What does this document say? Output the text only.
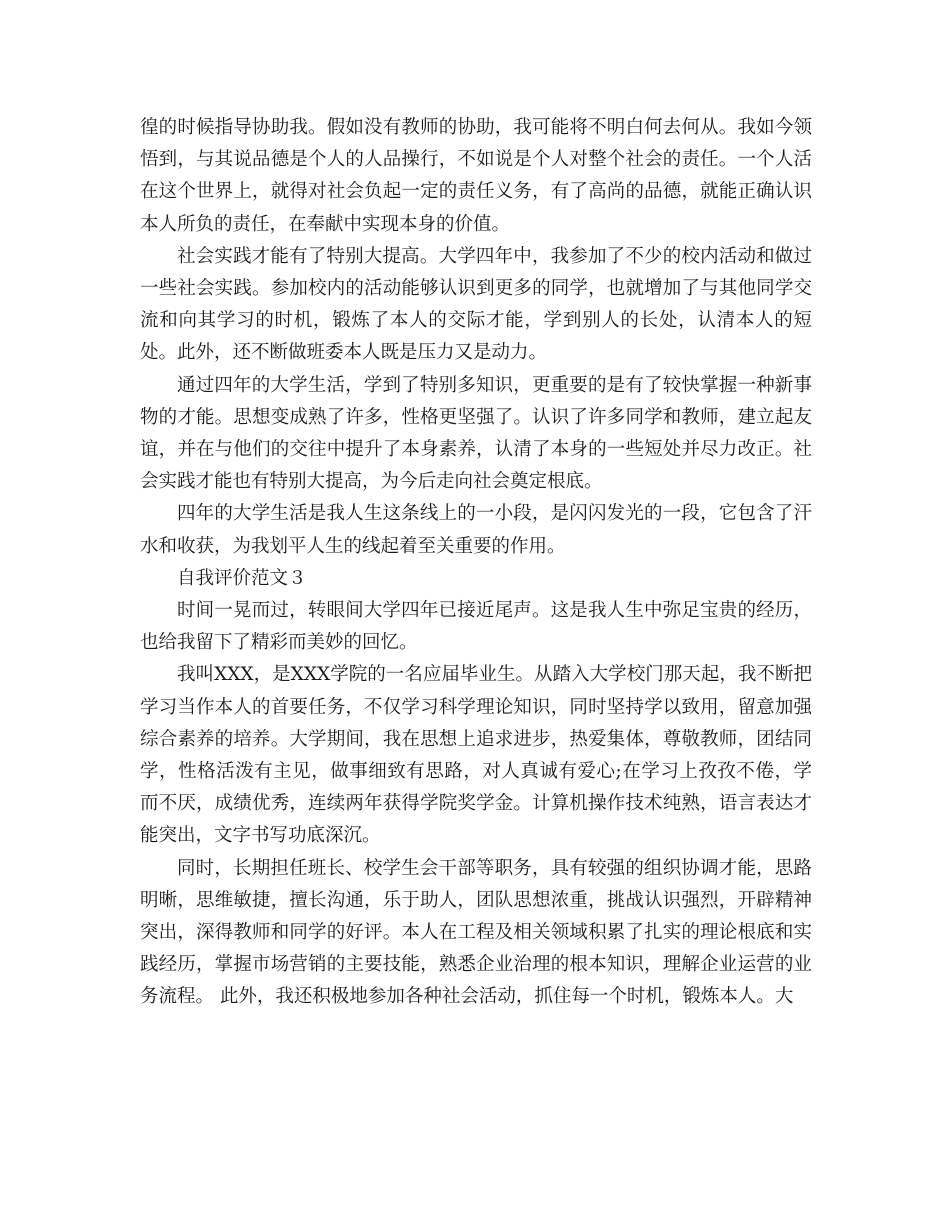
徨的时候指导协助我。假如没有教师的协助，我可能将不明白何去何从。我如今领悟到，与其说品德是个人的人品操行，不如说是个人对整个社会的责任。一个人活在这个世界上，就得对社会负起一定的责任义务，有了高尚的品德，就能正确认识本人所负的责任，在奉献中实现本身的价值。

社会实践才能有了特别大提高。大学四年中，我参加了不少的校内活动和做过一些社会实践。参加校内的活动能够认识到更多的同学，也就增加了与其他同学交流和向其学习的时机，锻炼了本人的交际才能，学到别人的长处，认清本人的短处。此外，还不断做班委本人既是压力又是动力。

通过四年的大学生活，学到了特别多知识，更重要的是有了较快掌握一种新事物的才能。思想变成熟了许多，性格更坚强了。认识了许多同学和教师，建立起友谊，并在与他们的交往中提升了本身素养，认清了本身的一些短处并尽力改正。社会实践才能也有特别大提高，为今后走向社会奠定根底。

四年的大学生活是我人生这条线上的一小段，是闪闪发光的一段，它包含了汗水和收获，为我划平人生的线起着至关重要的作用。

自我评价范文３

时间一晃而过，转眼间大学四年已接近尾声。这是我人生中弥足宝贵的经历，也给我留下了精彩而美妙的回忆。

我叫XXX，是XXX学院的一名应届毕业生。从踏入大学校门那天起，我不断把学习当作本人的首要任务，不仅学习科学理论知识，同时坚持学以致用，留意加强综合素养的培养。大学期间，我在思想上追求进步，热爱集体，尊敬教师，团结同学，性格活泼有主见，做事细致有思路，对人真诚有爱心;在学习上孜孜不倦，学而不厌，成绩优秀，连续两年获得学院奖学金。计算机操作技术纯熟，语言表达才能突出，文字书写功底深沉。

同时，长期担任班长、校学生会干部等职务，具有较强的组织协调才能，思路明晰，思维敏捷，擅长沟通，乐于助人，团队思想浓重，挑战认识强烈，开辟精神突出，深得教师和同学的好评。本人在工程及相关领域积累了扎实的理论根底和实践经历，掌握市场营销的主要技能，熟悉企业治理的根本知识，理解企业运营的业务流程。 此外，我还积极地参加各种社会活动，抓住每一个时机，锻炼本人。大
